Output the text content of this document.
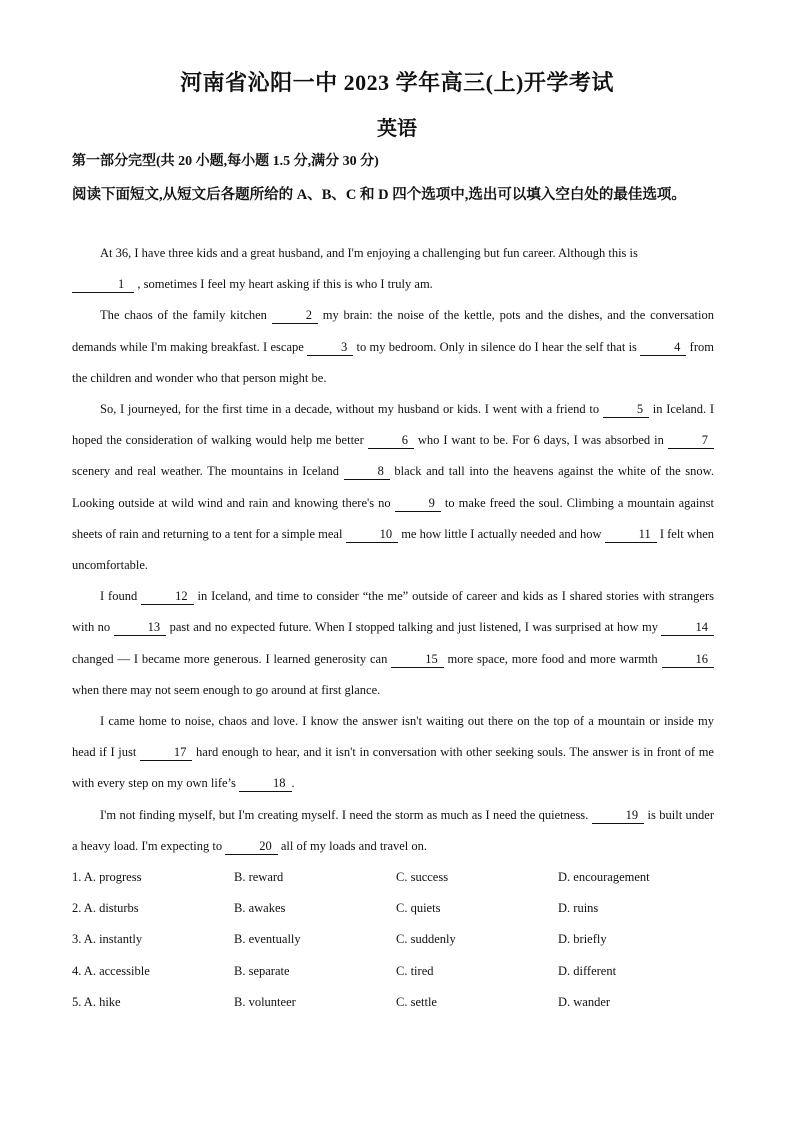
河南省沁阳一中 2023 学年高三(上)开学考试
英语
第一部分完型(共 20 小题,每小题 1.5 分,满分 30 分)
阅读下面短文,从短文后各题所给的 A、B、C 和 D 四个选项中,选出可以填入空白处的最佳选项。

At 36, I have three kids and a great husband, and I'm enjoying a challenging but fun career. Although this is
1 , sometimes I feel my heart asking if this is who I truly am.

The chaos of the family kitchen	2 my brain: the noise of the kettle, pots and the dishes, and the conversation demands while I'm making breakfast. I escape	3 to my bedroom. Only in silence do I hear the self that is	4 from the children and wonder who that person might be.

So, I journeyed, for the first time in a decade, without my husband or kids. I went with a friend to	5 in Iceland. I hoped the consideration of walking would help me better	6 who I want to be. For 6 days, I was absorbed in	7 scenery and real weather. The mountains in Iceland	8 black and tall into the heavens against the white of the snow. Looking outside at wild wind and rain and knowing there's no	9 to make freed the soul. Climbing a mountain against sheets of rain and returning to a tent for a simple meal	10 me how little I actually needed and how	11 I felt when uncomfortable.

I found	12 in Iceland, and time to consider “the me” outside of career and kids as I shared stories with strangers with no	13 past and no expected future. When I stopped talking and just listened, I was surprised at how my	14 changed — I became more generous. I learned generosity can	15 more space, more food and more warmth	16 when there may not seem enough to go around at first glance.

I came home to noise, chaos and love. I know the answer isn't waiting out there on the top of a mountain or inside my head if I just	17 hard enough to hear, and it isn't in conversation with other seeking souls. The answer is in front of me with every step on my own life’s	18 .

I'm not finding myself, but I'm creating myself. I need the storm as much as I need the quietness.	19 is built under a heavy load. I'm expecting to	20 all of my loads and travel on.

1. A. progress	B. reward	C. success	D. encouragement
2. A. disturbs	B. awakes	C. quiets	D. ruins
3. A. instantly	B. eventually	C. suddenly	D. briefly
4. A. accessible	B. separate	C. tired	D. different
5. A. hike	B. volunteer	C. settle	D. wander
